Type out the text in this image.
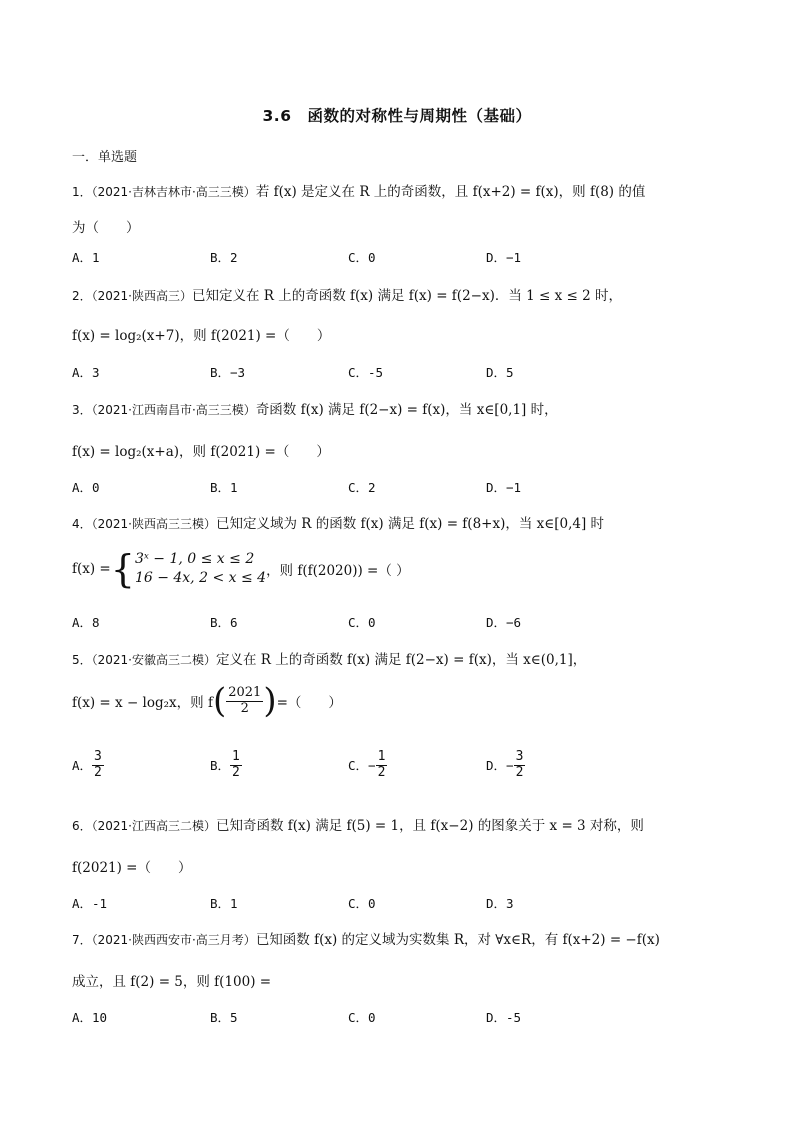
3.6　函数的对称性与周期性（基础）
一．单选题
1．（2021·吉林吉林市·高三三模）若 f(x) 是定义在 R 上的奇函数，且 f(x+2) = f(x)，则 f(8) 的值
为（　　）
A．1	B．2	C．0	D．−1
2．（2021·陕西高三）已知定义在 R 上的奇函数 f(x) 满足 f(x) = f(2−x)．当 1 ≤ x ≤ 2 时，
f(x) = log₂(x+7)，则 f(2021) =（　　）
A．3	B．−3	C．-5	D．5
3．（2021·江西南昌市·高三三模）奇函数 f(x) 满足 f(2−x) = f(x)，当 x∈[0,1] 时，
f(x) = log₂(x+a)，则 f(2021) =（　　）
A．0	B．1	C．2	D．−1
4．（2021·陕西高三三模）已知定义域为 R 的函数 f(x) 满足 f(x) = f(8+x)，当 x∈[0,4] 时
f(x) = { 3ˣ − 1, 0 ≤ x ≤ 2
16 − 4x, 2 < x ≤ 4 ，则 f(f(2020)) =（ ）
A．8	B．6	C．0	D．−6
5．（2021·安徽高三二模）定义在 R 上的奇函数 f(x) 满足 f(2−x) = f(x)，当 x∈(0,1]，
f(x) = x − log₂x，则 f ( $\frac{2021}{2}$ ) =（　　）
A． $\frac{3}{2}$	B． $\frac{1}{2}$	C． − $\frac{1}{2}$	D． − $\frac{3}{2}$
6．（2021·江西高三二模）已知奇函数 f(x) 满足 f(5) = 1，且 f(x−2) 的图象关于 x = 3 对称，则
f(2021) =（　　）
A．-1	B．1	C．0	D．3
7．（2021·陕西西安市·高三月考）已知函数 f(x) 的定义域为实数集 R，对 ∀x∈R，有 f(x+2) = −f(x)
成立，且 f(2) = 5，则 f(100) =
A．10	B．5	C．0	D．-5
